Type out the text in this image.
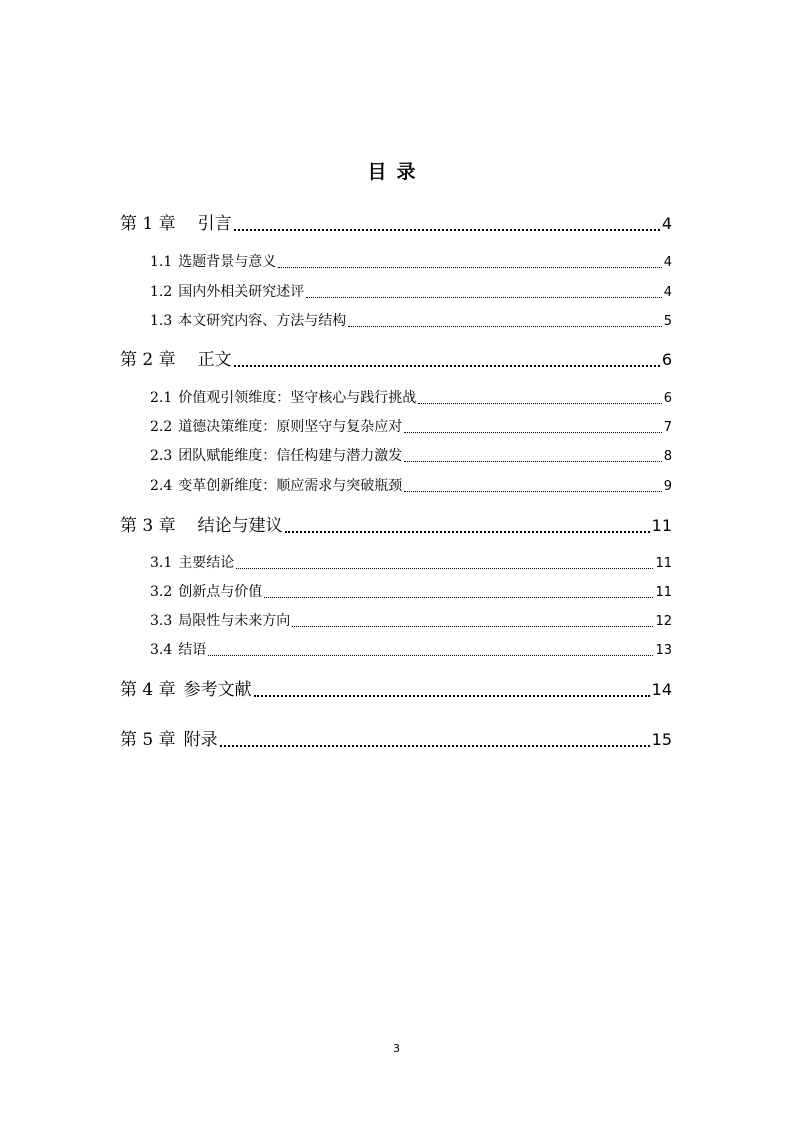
目录
第 1 章 引言	4
1.1 选题背景与意义	4
1.2 国内外相关研究述评	4
1.3 本文研究内容、方法与结构	5
第 2 章 正文	6
2.1 价值观引领维度：坚守核心与践行挑战	6
2.2 道德决策维度：原则坚守与复杂应对	7
2.3 团队赋能维度：信任构建与潜力激发	8
2.4 变革创新维度：顺应需求与突破瓶颈	9
第 3 章 结论与建议	11
3.1 主要结论	11
3.2 创新点与价值	11
3.3 局限性与未来方向	12
3.4 结语	13
第 4 章 参考文献	14
第 5 章 附录	15
3
